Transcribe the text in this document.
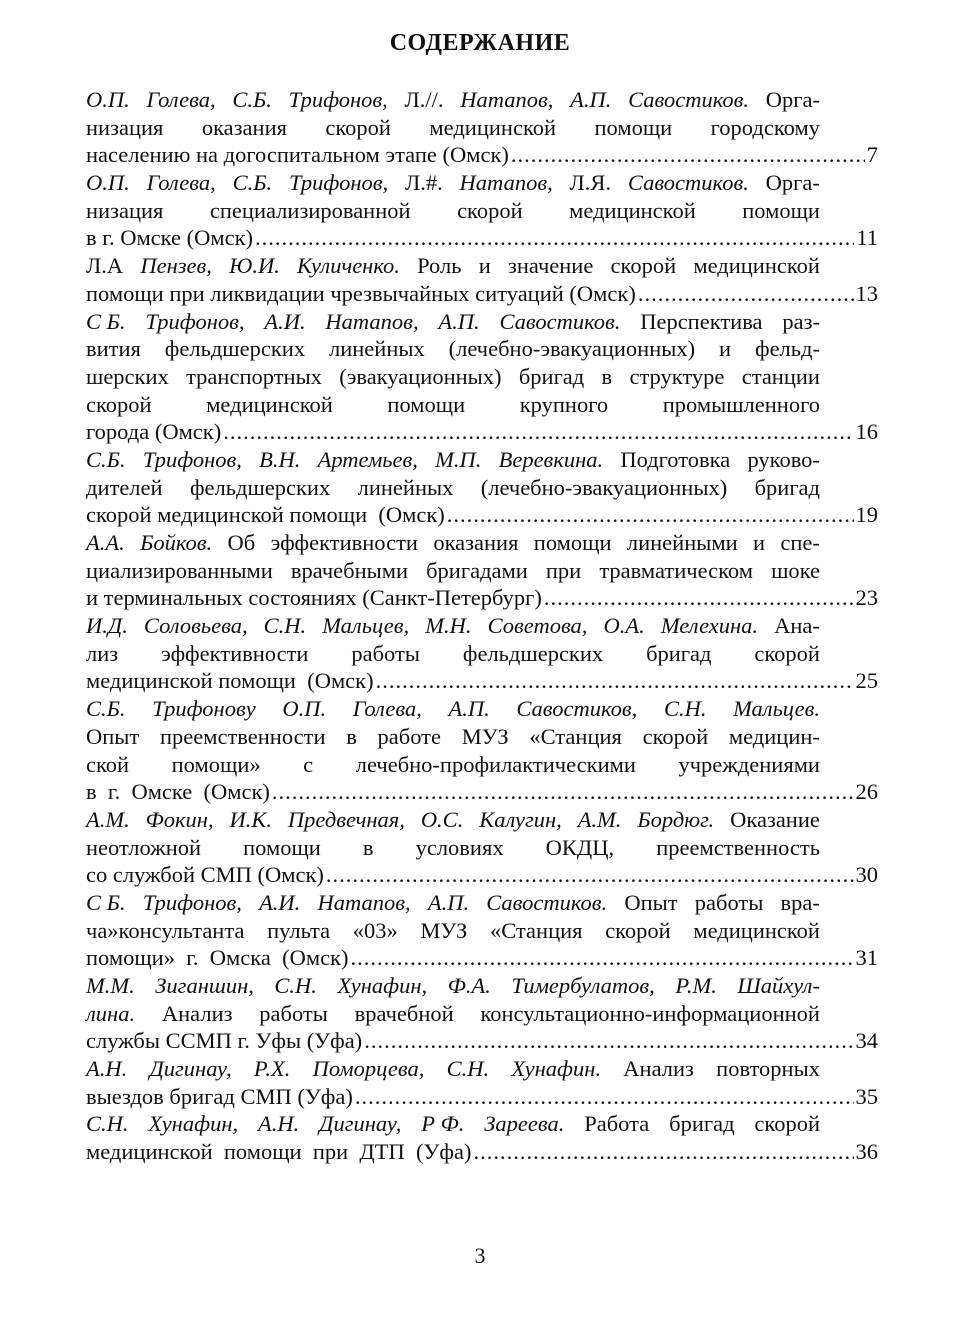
СОДЕРЖАНИЕ
О.П. Голева, С.Б. Трифонов, Л.//. Натапов, А.П. Савостиков. Орга-
низация оказания скорой медицинской помощи городскому
населению на догоспитальном этапе (Омск) .....	7
О.П. Голева, С.Б. Трифонов, Л.#. Натапов, Л.Я. Савостиков. Орга-
низация специализированной скорой медицинской помощи
в г. Омске (Омск) .....	11
Л.А Пензев, Ю.И. Куличенко. Роль и значение скорой медицинской
помощи при ликвидации чрезвычайных ситуаций (Омск) .....	13
С Б. Трифонов, А.И. Натапов, А.П. Савостиков. Перспектива раз-
вития фельдшерских линейных (лечебно-эвакуационных) и фельд-
шерских транспортных (эвакуационных) бригад в структуре станции
скорой медицинской помощи крупного промышленного
города (Омск) .....	16
С.Б. Трифонов, В.Н. Артемьев, М.П. Веревкина. Подготовка руково-
дителей фельдшерских линейных (лечебно-эвакуационных) бригад
скорой медицинской помощи  (Омск) .....	19
А.А. Бойков. Об эффективности оказания помощи линейными и спе-
циализированными врачебными бригадами при травматическом шоке
и терминальных состояниях (Санкт-Петербург) .....	23
И.Д. Соловьева, С.Н. Мальцев, М.Н. Советова, О.А. Мелехина. Ана-
лиз эффективности работы фельдшерских бригад скорой
медицинской помощи  (Омск) .....	25
С.Б. Трифонову О.П. Голева, А.П. Савостиков, С.Н. Мальцев.
Опыт преемственности в работе МУЗ «Станция скорой медицин-
ской помощи» с лечебно-профилактическими учреждениями
в  г.  Омске  (Омск) .....	26
А.М. Фокин, И.К. Предвечная, О.С. Калугин, А.М. Бордюг. Оказание
неотложной помощи в условиях ОКДЦ, преемственность
со службой СМП (Омск) .....	30
С Б. Трифонов, А.И. Натапов, А.П. Савостиков. Опыт работы вра-
ча»консультанта пульта «03» МУЗ «Станция скорой медицинской
помощи»  г.  Омска  (Омск) .....	31
М.М. Зиганшин, С.Н. Хунафин, Ф.А. Тимербулатов, Р.М. Шайхул-
лина. Анализ работы врачебной консультационно-информационной
службы ССМП г. Уфы (Уфа) .....	34
А.Н. Дигинау, Р.Х. Поморцева, С.Н. Хунафин. Анализ повторных
выездов бригад СМП (Уфа) .....	35
С.Н. Хунафин, А.Н. Дигинау, Р Ф. Зареева. Работа бригад скорой
медицинской  помощи  при  ДТП  (Уфа) .....	36
3
